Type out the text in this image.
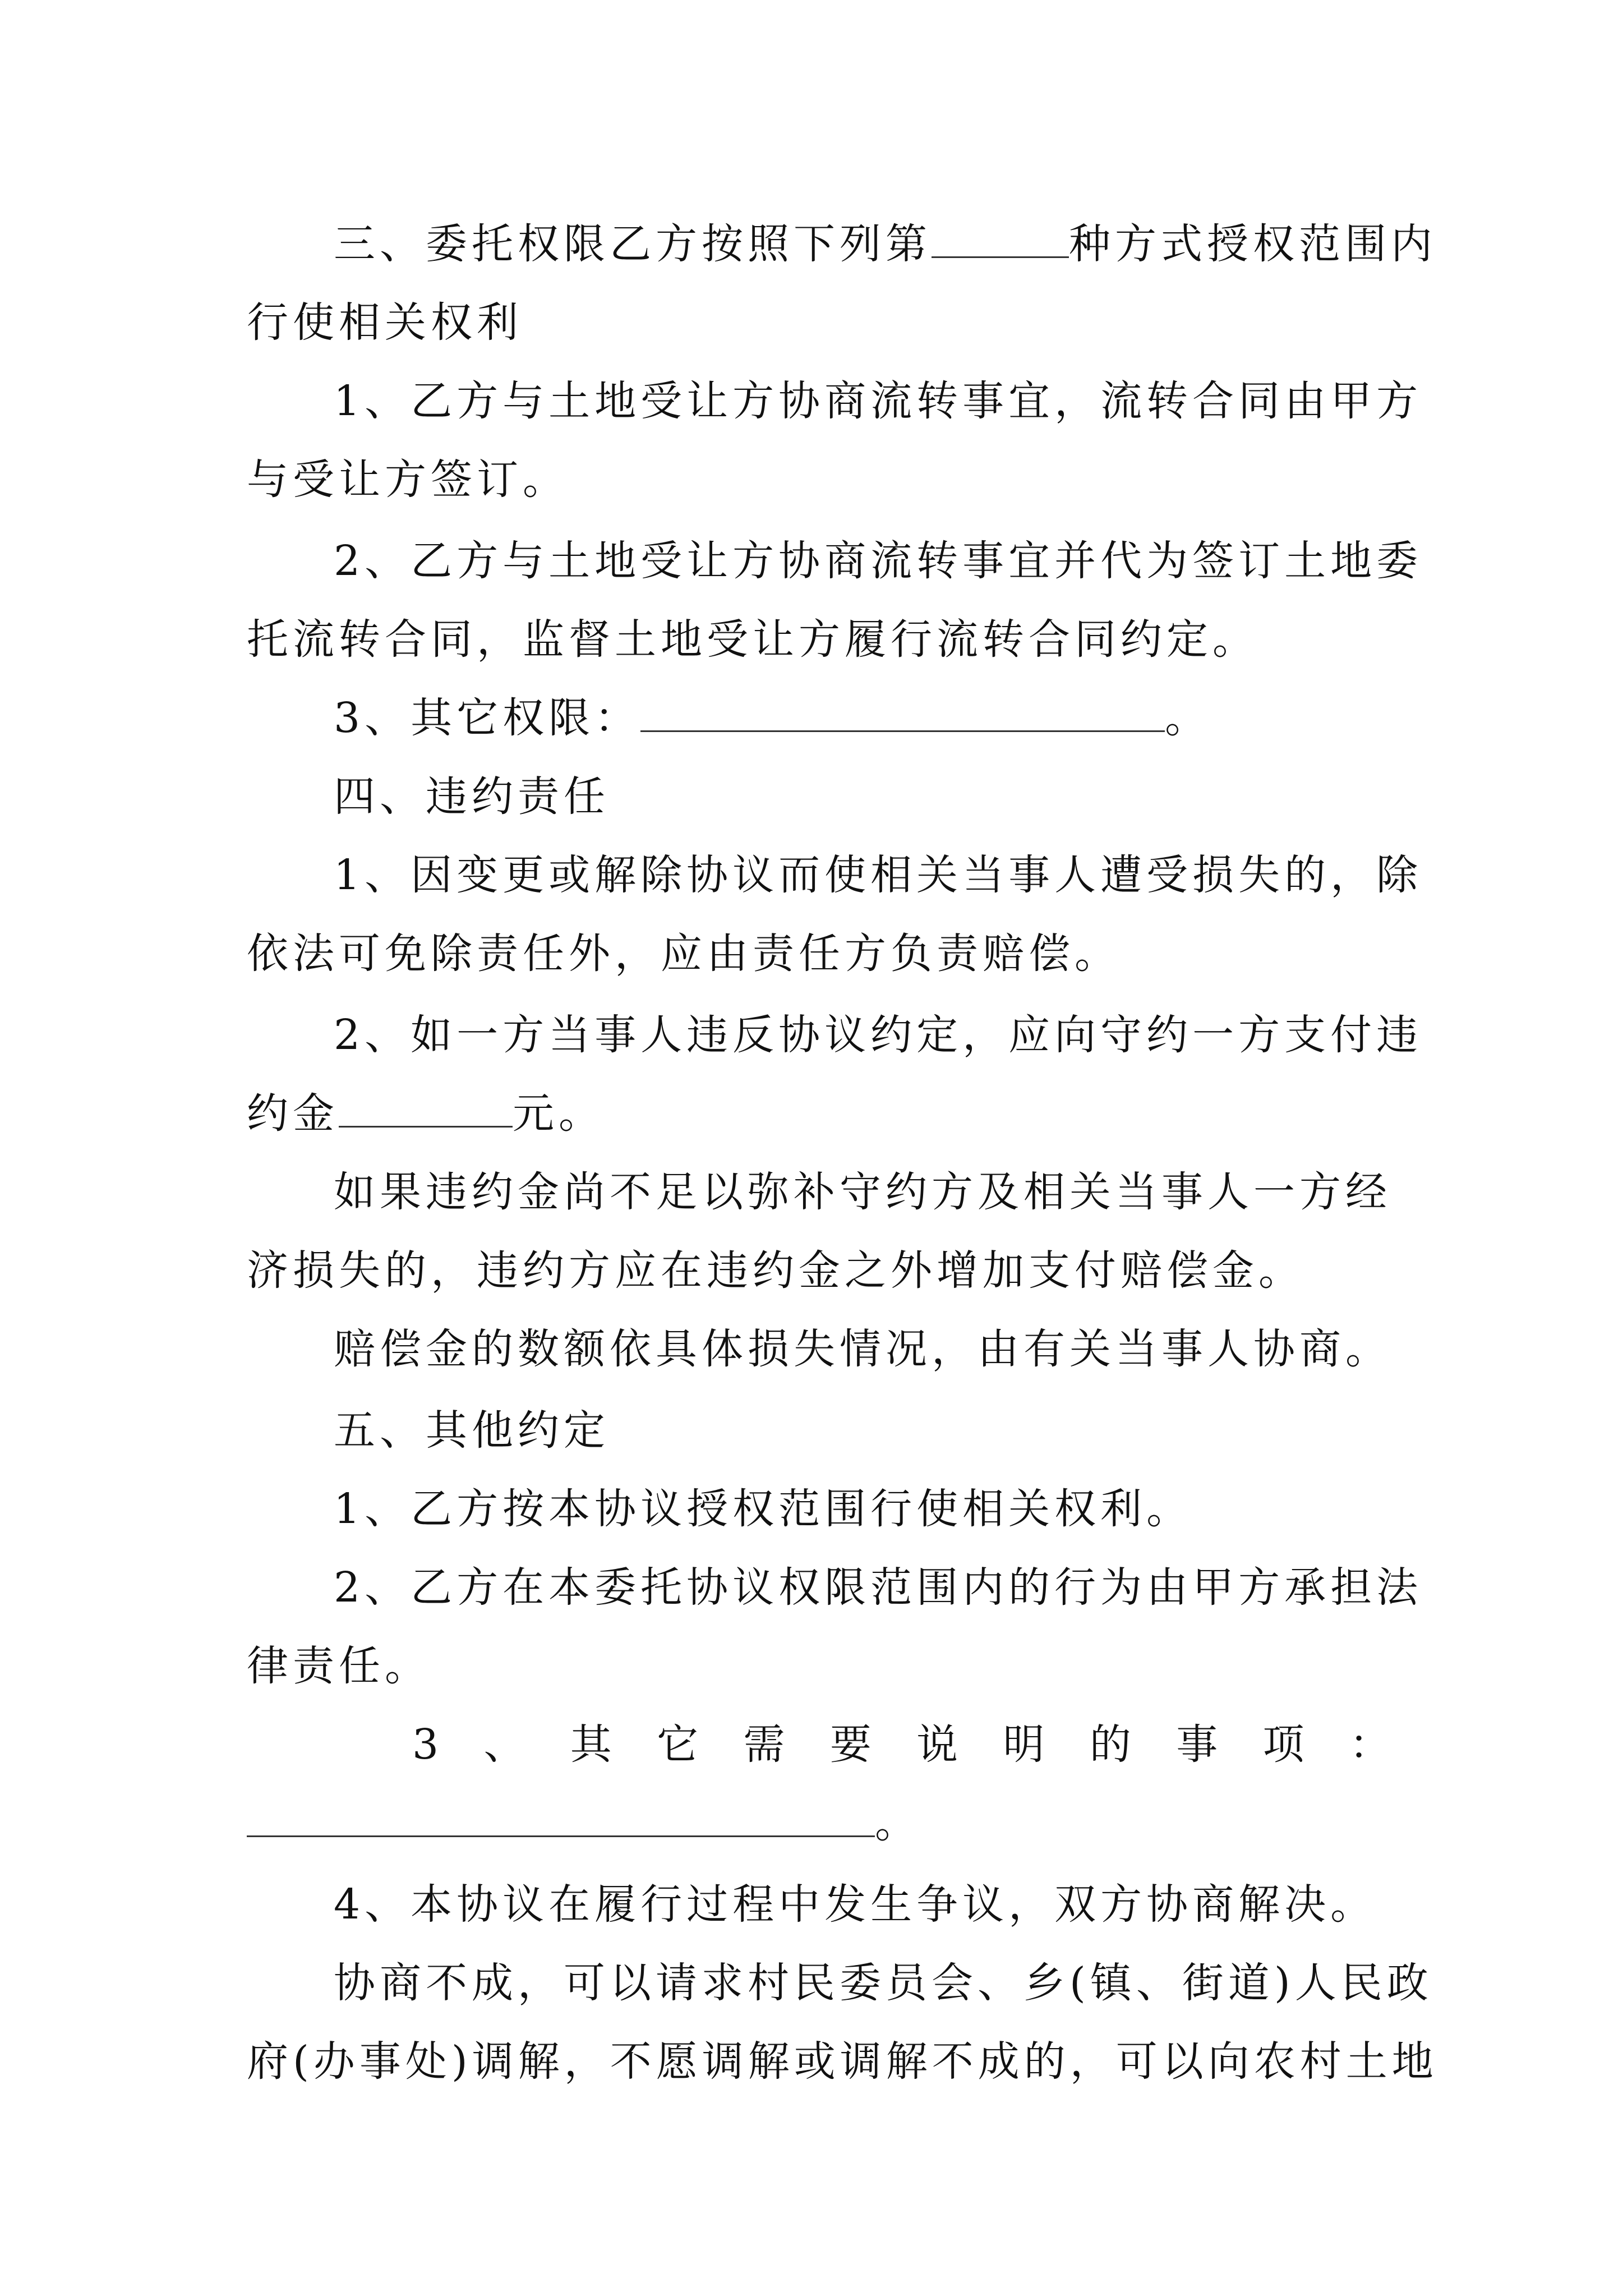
三、委托权限乙方按照下列第	种方式授权范围内
行使相关权利
1、乙方与土地受让方协商流转事宜，流转合同由甲方
与受让方签订。
2、乙方与土地受让方协商流转事宜并代为签订土地委
托流转合同，监督土地受让方履行流转合同约定。
3、其它权限：	。
四、违约责任
1、因变更或解除协议而使相关当事人遭受损失的，除
依法可免除责任外，应由责任方负责赔偿。
2、如一方当事人违反协议约定，应向守约一方支付违
约金	元。
如果违约金尚不足以弥补守约方及相关当事人一方经
济损失的，违约方应在违约金之外增加支付赔偿金。
赔偿金的数额依具体损失情况，由有关当事人协商。
五、其他约定
1、乙方按本协议授权范围行使相关权利。
2、乙方在本委托协议权限范围内的行为由甲方承担法
律责任。
3 、 其 它 需 要 说 明 的 事 项 ：
。
4、本协议在履行过程中发生争议，双方协商解决。
协商不成，可以请求村民委员会、乡(镇、街道)人民政
府(办事处)调解，不愿调解或调解不成的，可以向农村土地
